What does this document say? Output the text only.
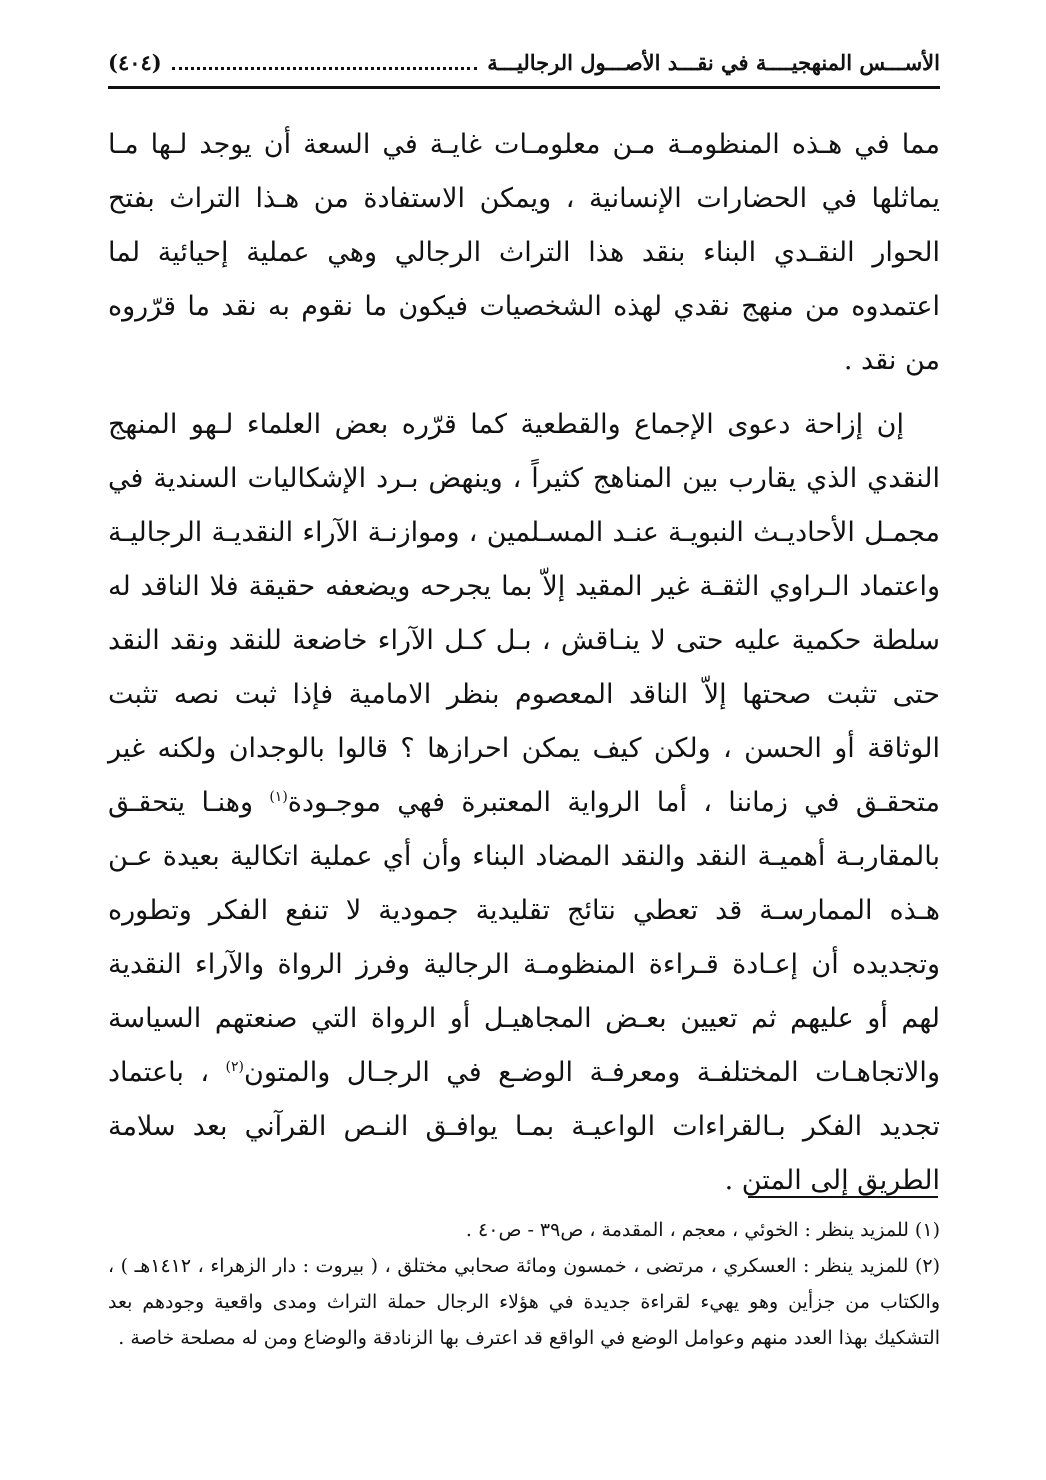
الأســـس المنهجيــــة في نقـــد الأصـــول الرجاليـــة
(٤٠٤)

مما في هـذه المنظومـة مـن معلومـات غايـة في السعة أن يوجد لـها مـا يماثلها في الحضارات الإنسانية ، ويمكن الاستفادة من هـذا التراث بفتح الحوار النقـدي البناء بنقد هذا التراث الرجالي وهي عملية إحيائية لما اعتمدوه من منهج نقدي لهذه الشخصيات فيكون ما نقوم به نقد ما قرّروه من نقد .

إن إزاحة دعوى الإجماع والقطعية كما قرّره بعض العلماء لـهو المنهج النقدي الذي يقارب بين المناهج كثيراً ، وينهض بـرد الإشكاليات السندية في مجمـل الأحاديـث النبويـة عنـد المسـلمين ، وموازنـة الآراء النقديـة الرجاليـة واعتماد الـراوي الثقـة غير المقيد إلاّ بما يجرحه ويضعفه حقيقة فلا الناقد له سلطة حكمية عليه حتى لا ينـاقش ، بـل كـل الآراء خاضعة للنقد ونقد النقد حتى تثبت صحتها إلاّ الناقد المعصوم بنظر الامامية فإذا ثبت نصه تثبت الوثاقة أو الحسن ، ولكن كيف يمكن احرازها ؟ قالوا بالوجدان ولكنه غير متحقـق في زماننا ، أما الرواية المعتبرة فهي موجـودة$^{(١)}$ وهنـا يتحقـق بالمقاربـة أهميـة النقد والنقد المضاد البناء وأن أي عملية اتكالية بعيدة عـن هـذه الممارسـة قد تعطي نتائج تقليدية جمودية لا تنفع الفكر وتطوره وتجديده أن إعـادة قـراءة المنظومـة الرجالية وفرز الرواة والآراء النقدية لهم أو عليهم ثم تعيين بعـض المجاهيـل أو الرواة التي صنعتهم السياسة والاتجاهـات المختلفـة ومعرفـة الوضـع في الرجـال والمتون$^{(٢)}$ ، باعتماد تجديد الفكر بـالقراءات الواعيـة بمـا يوافـق النـص القرآني بعد سلامة الطريق إلى المتن .

(١) للمزيد ينظر : الخوئي ، معجم ، المقدمة ، ص٣٩ - ص٤٠ .

(٢) للمزيد ينظر : العسكري ، مرتضى ، خمسون ومائة صحابي مختلق ، ( بيروت : دار الزهراء ، ١٤١٢هـ ) ، والكتاب من جزأين وهو يهيء لقراءة جديدة في هؤلاء الرجال حملة التراث ومدى واقعية وجودهم بعد التشكيك بهذا العدد منهم وعوامل الوضع في الواقع قد اعترف بها الزنادقة والوضاع ومن له مصلحة خاصة .
